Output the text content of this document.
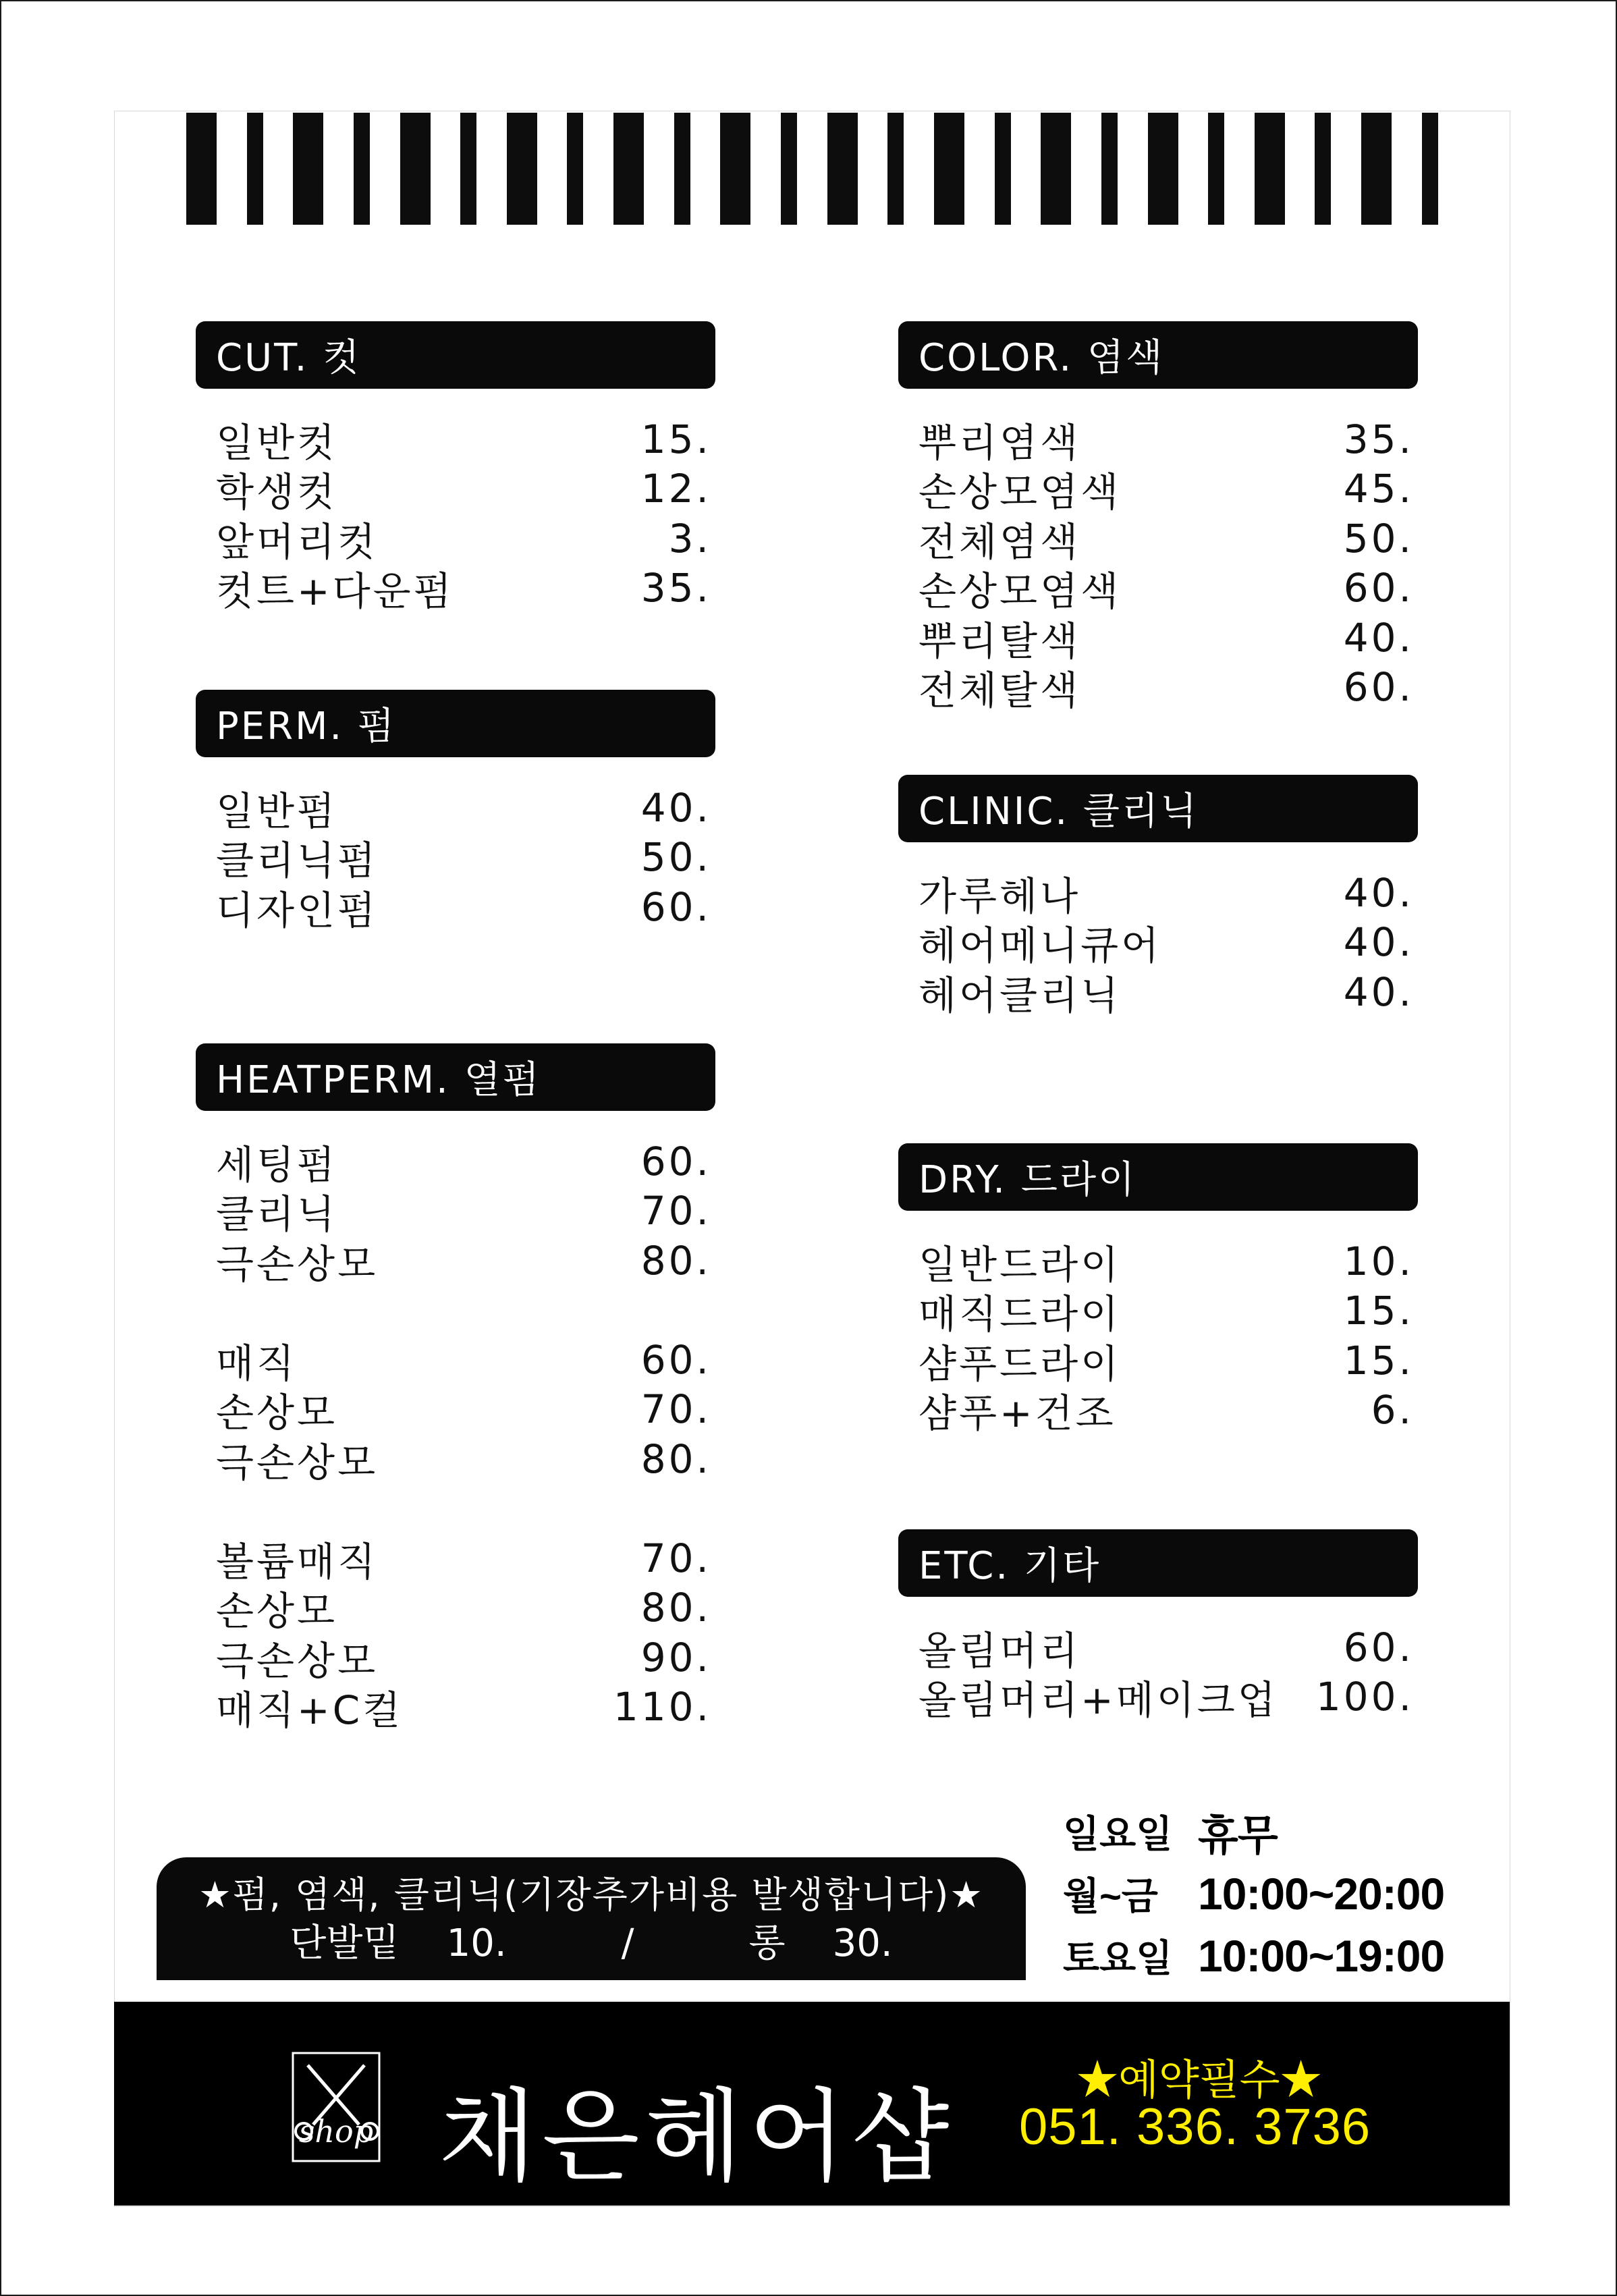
CUT. 컷
일반컷	15.
학생컷	12.
앞머리컷	3.
컷트+다운펌	35.
PERM. 펌
일반펌	40.
클리닉펌	50.
디자인펌	60.
HEATPERM. 열펌
세팅펌	60.
클리닉	70.
극손상모	80.
매직	60.
손상모	70.
극손상모	80.
볼륨매직	70.
손상모	80.
극손상모	90.
매직+C컬	110.
COLOR. 염색
뿌리염색	35.
손상모염색	45.
전체염색	50.
손상모염색	60.
뿌리탈색	40.
전체탈색	60.
CLINIC. 클리닉
가루헤나	40.
헤어메니큐어	40.
헤어클리닉	40.
DRY. 드라이
일반드라이	10.
매직드라이	15.
샴푸드라이	15.
샴푸+건조	6.
ETC. 기타
올림머리	60.
올림머리+메이크업 100.
★펌, 염색, 클리닉(기장추가비용 발생합니다)★
단발밑 10.	/	롱 30.
일요일 휴무
월~금 10:00~20:00
토요일 10:00~19:00
shop 채은헤어샵	★예약필수★
051. 336. 3736
